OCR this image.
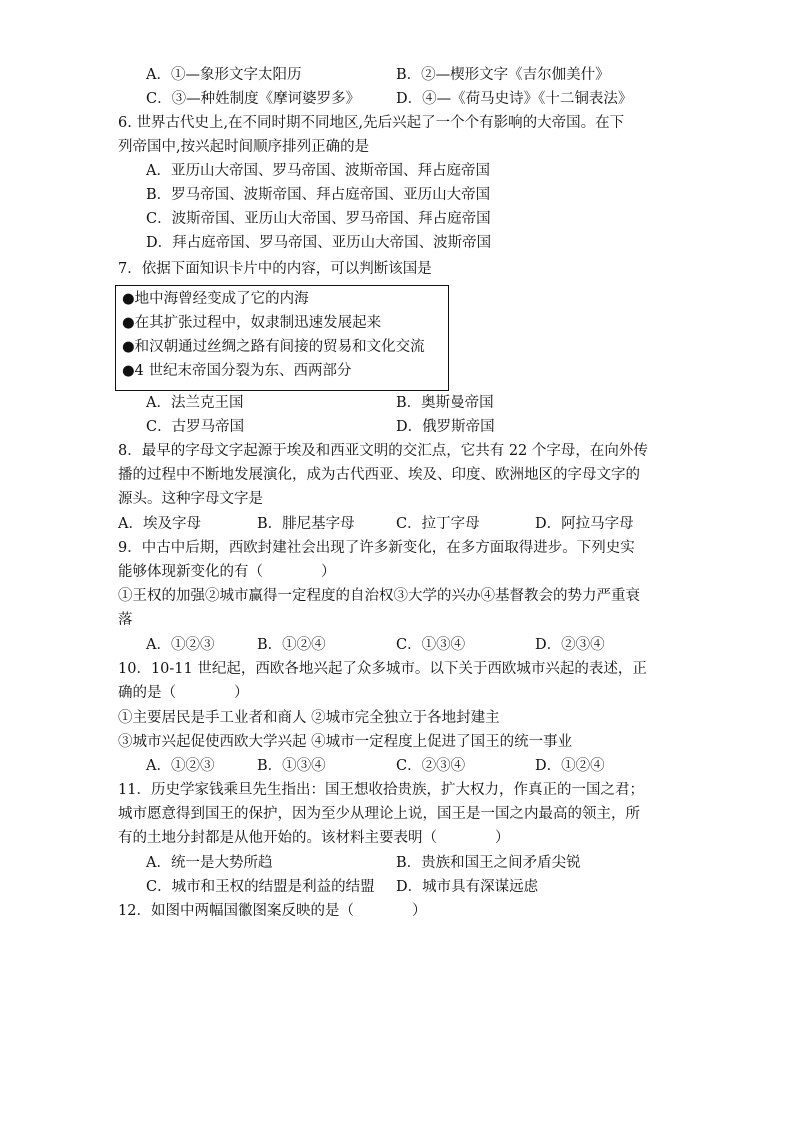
A．①—象形文字太阳历	B．②—楔形文字《吉尔伽美什》
C．③—种姓制度《摩诃婆罗多》 D．④—《荷马史诗》《十二铜表法》
6. 世界古代史上,在不同时期不同地区,先后兴起了一个个有影响的大帝国。在下
列帝国中,按兴起时间顺序排列正确的是
A．亚历山大帝国、罗马帝国、波斯帝国、拜占庭帝国
B．罗马帝国、波斯帝国、拜占庭帝国、亚历山大帝国
C．波斯帝国、亚历山大帝国、罗马帝国、拜占庭帝国
D．拜占庭帝国、罗马帝国、亚历山大帝国、波斯帝国
7．依据下面知识卡片中的内容，可以判断该国是
●地中海曾经变成了它的内海
●在其扩张过程中，奴隶制迅速发展起来
●和汉朝通过丝绸之路有间接的贸易和文化交流
●4 世纪末帝国分裂为东、西两部分
A．法兰克王国	B．奥斯曼帝国
C．古罗马帝国	D．俄罗斯帝国
8．最早的字母文字起源于埃及和西亚文明的交汇点，它共有 22 个字母，在向外传
播的过程中不断地发展演化，成为古代西亚、埃及、印度、欧洲地区的字母文字的
源头。这种字母文字是
A．埃及字母	B．腓尼基字母	C．拉丁字母	D．阿拉马字母
9．中古中后期，西欧封建社会出现了许多新变化，在多方面取得进步。下列史实
能够体现新变化的有（　　　　）
①王权的加强②城市赢得一定程度的自治权③大学的兴办④基督教会的势力严重衰
落
A．①②③	B．①②④	C．①③④	D．②③④
10．10-11 世纪起，西欧各地兴起了众多城市。以下关于西欧城市兴起的表述，正
确的是（　　　　）
①主要居民是手工业者和商人 ②城市完全独立于各地封建主
③城市兴起促使西欧大学兴起 ④城市一定程度上促进了国王的统一事业
A．①②③	B．①③④	C．②③④	D．①②④
11．历史学家钱乘旦先生指出：国王想收拾贵族，扩大权力，作真正的一国之君；
城市愿意得到国王的保护，因为至少从理论上说，国王是一国之内最高的领主，所
有的土地分封都是从他开始的。该材料主要表明（　　　　）
A．统一是大势所趋	B．贵族和国王之间矛盾尖锐
C．城市和王权的结盟是利益的结盟 D．城市具有深谋远虑
12．如图中两幅国徽图案反映的是（　　　　）
